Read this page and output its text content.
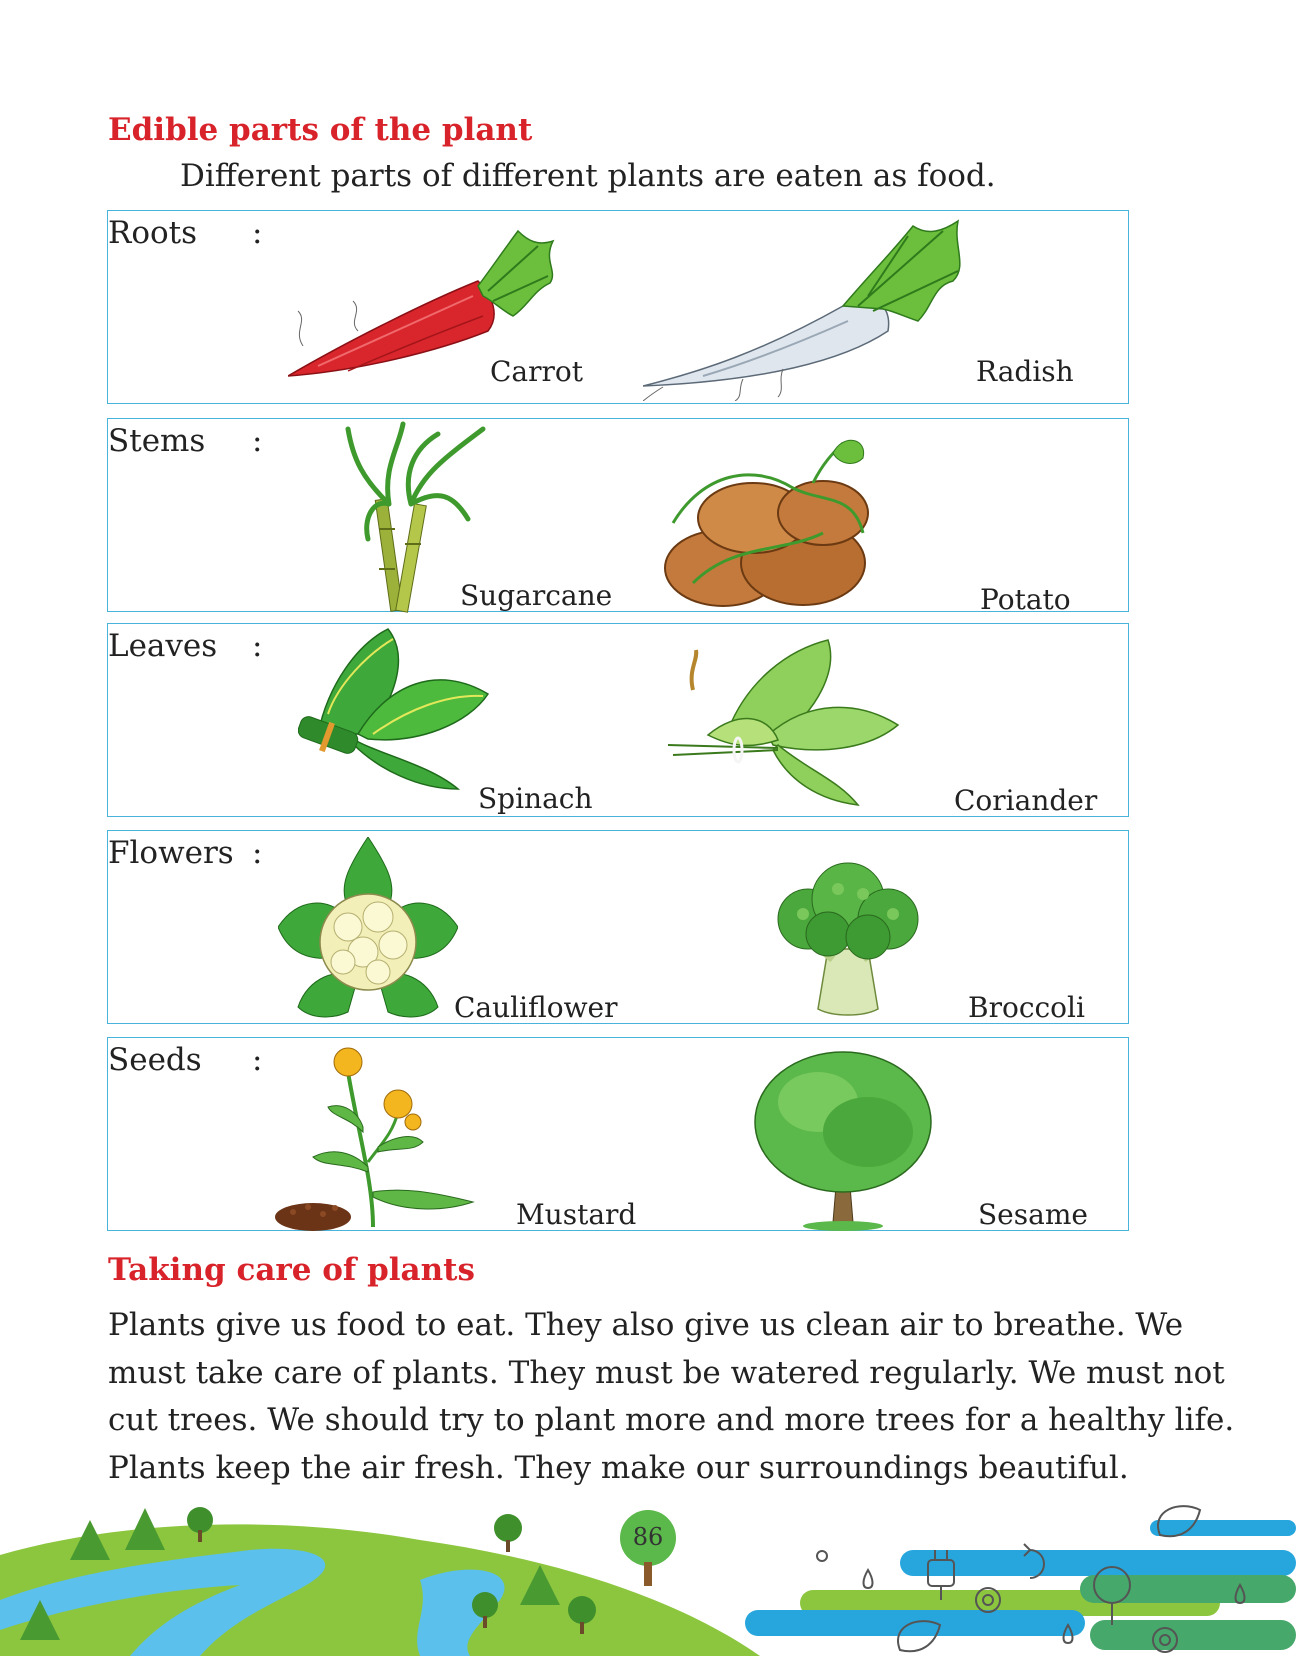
Edible parts of the plant
Different parts of different plants are eaten as food.
Roots :
Carrot	Radish
Stems :
Sugarcane	Potato
Leaves :
Spinach	Coriander
Flowers :
Cauliflower	Broccoli
Seeds :
Mustard	Sesame
Taking care of plants

Plants give us food to eat. They also give us clean air to breathe. We

must take care of plants. They must be watered regularly. We must not

cut trees. We should try to plant more and more trees for a healthy life.

Plants keep the air fresh. They make our surroundings beautiful.

86
